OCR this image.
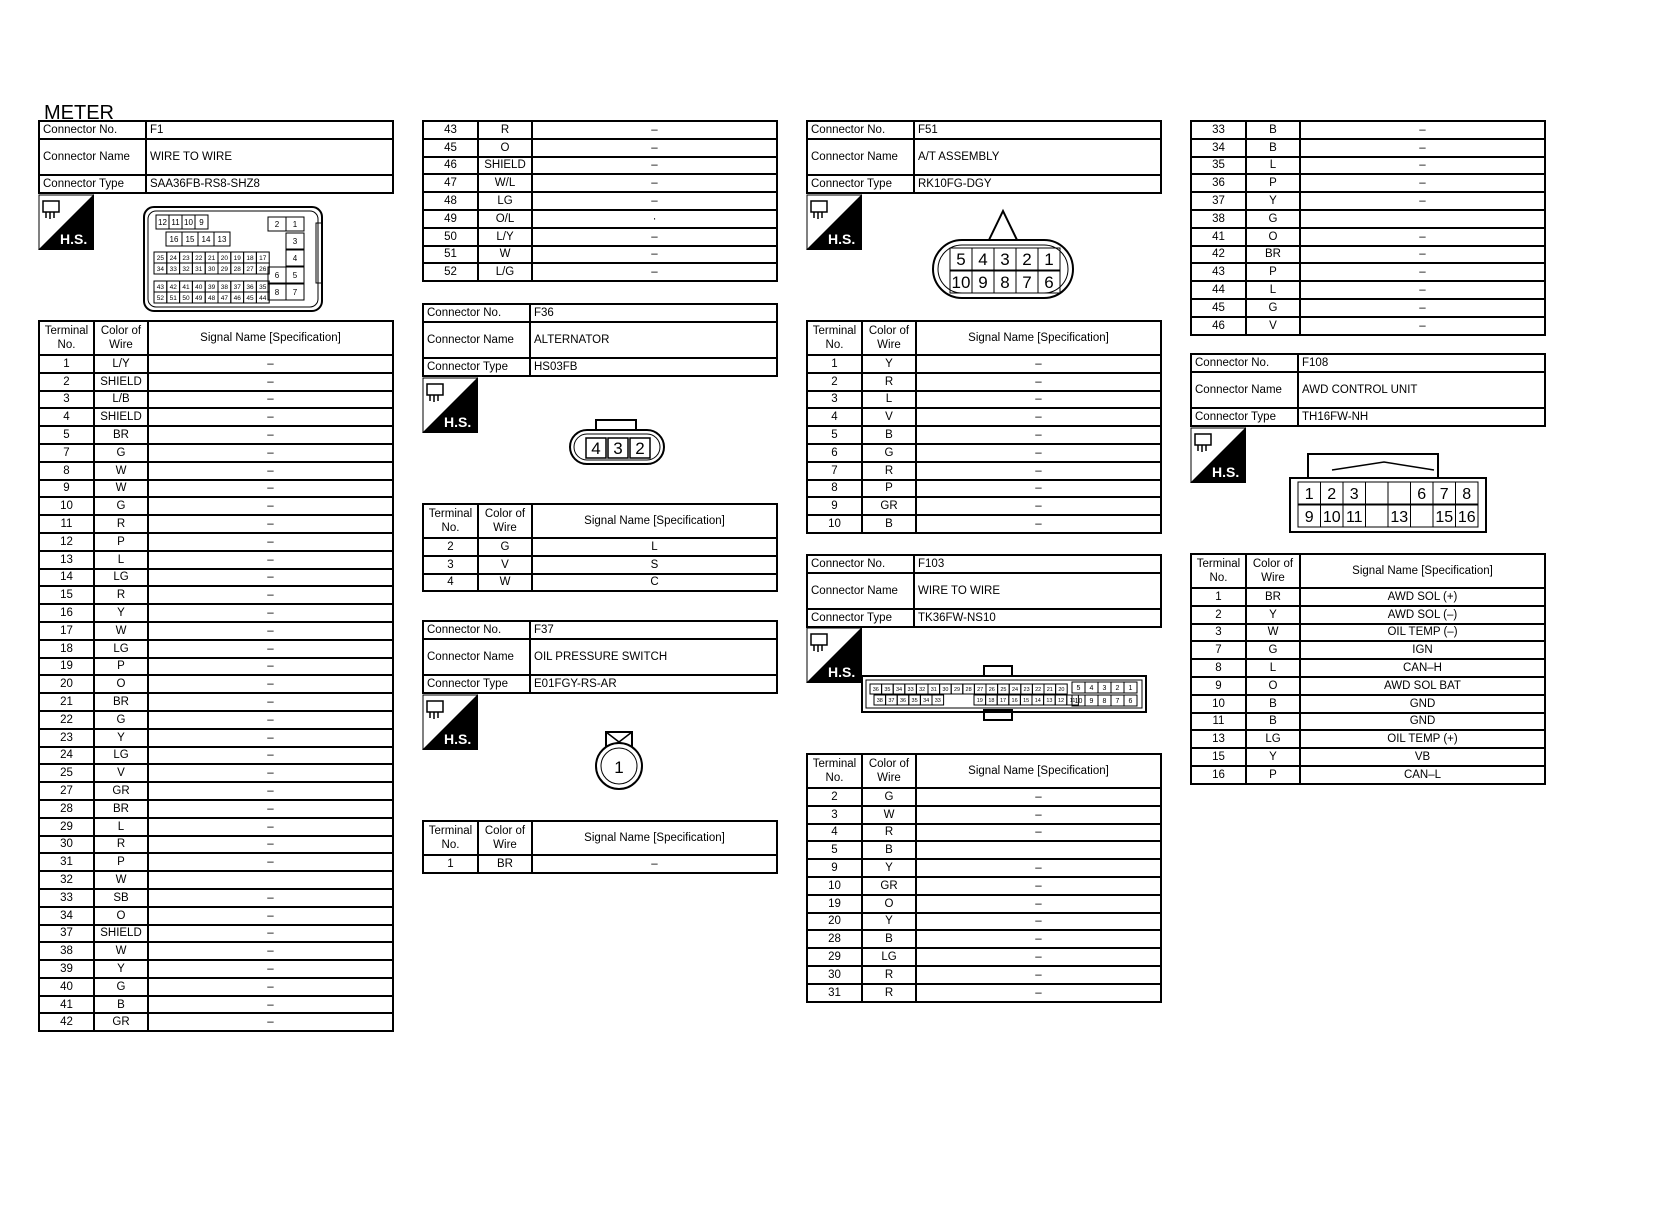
METER
Connector No.	F1
Connector Name	WIRE TO WIRE
Connector Type	SAA36FB-RS8-SHZ8
H.S.
12 11 10 9
16 15 14 13
25 24 23 22 21 20 19 18 17
34 33 32 31 30 29 28 27 26
43 42 41 40 39 38 37 36 35
52 51 50 49 48 47 46 45 44
2 1
3
4
6 5
8 7
Terminal No.	Color of Wire	Signal Name [Specification]
1	L/Y	–
2	SHIELD	–
3	L/B	–
4	SHIELD	–
5	BR	–
7	G	–
8	W	–
9	W	–
10	G	–
11	R	–
12	P	–
13	L	–
14	LG	–
15	R	–
16	Y	–
17	W	–
18	LG	–
19	P	–
20	O	–
21	BR	–
22	G	–
23	Y	–
24	LG	–
25	V	–
27	GR	–
28	BR	–
29	L	–
30	R	–
31	P	–
32	W	
33	SB	–
34	O	–
37	SHIELD	–
38	W	–
39	Y	–
40	G	–
41	B	–
42	GR	–
43	R	–
45	O	–
46	SHIELD	–
47	W/L	–
48	LG	–
49	O/L	·
50	L/Y	–
51	W	–
52	L/G	–
Connector No.	F36
Connector Name	ALTERNATOR
Connector Type	HS03FB
H.S.
4 3 2
Terminal No.	Color of Wire	Signal Name [Specification]
2	G	L
3	V	S
4	W	C
Connector No.	F37
Connector Name	OIL PRESSURE SWITCH
Connector Type	E01FGY-RS-AR
H.S.
1
Terminal No.	Color of Wire	Signal Name [Specification]
1	BR	–
Connector No.	F51
Connector Name	A/T ASSEMBLY
Connector Type	RK10FG-DGY
H.S.
5 4 3 2 1
10 9 8 7 6
Terminal No.	Color of Wire	Signal Name [Specification]
1	Y	–
2	R	–
3	L	–
4	V	–
5	B	–
6	G	–
7	R	–
8	P	–
9	GR	–
10	B	–
Connector No.	F103
Connector Name	WIRE TO WIRE
Connector Type	TK36FW-NS10
H.S.
36 35 34 33 32 31 30 29 28 27 26 25 24 23 22 21 20
19 18 17 16 15 14 13 12 11
38 37 36 35 34 33
5 4 3 2 1
10 9 8 7 6
Terminal No.	Color of Wire	Signal Name [Specification]
2	G	–
3	W	–
4	R	–
5	B	
9	Y	–
10	GR	–
19	O	–
20	Y	–
28	B	–
29	LG	–
30	R	–
31	R	–
33	B	–
34	B	–
35	L	–
36	P	–
37	Y	–
38	G	
41	O	–
42	BR	–
43	P	–
44	L	–
45	G	–
46	V	–
Connector No.	F108
Connector Name	AWD CONTROL UNIT
Connector Type	TH16FW-NH
H.S.
1 2 3	6 7 8
9 10 11 13 15 16
Terminal No.	Color of Wire	Signal Name [Specification]
1	BR	AWD SOL (+)
2	Y	AWD SOL (–)
3	W	OIL TEMP (–)
7	G	IGN
8	L	CAN–H
9	O	AWD SOL BAT
10	B	GND
11	B	GND
13	LG	OIL TEMP (+)
15	Y	VB
16	P	CAN–L
